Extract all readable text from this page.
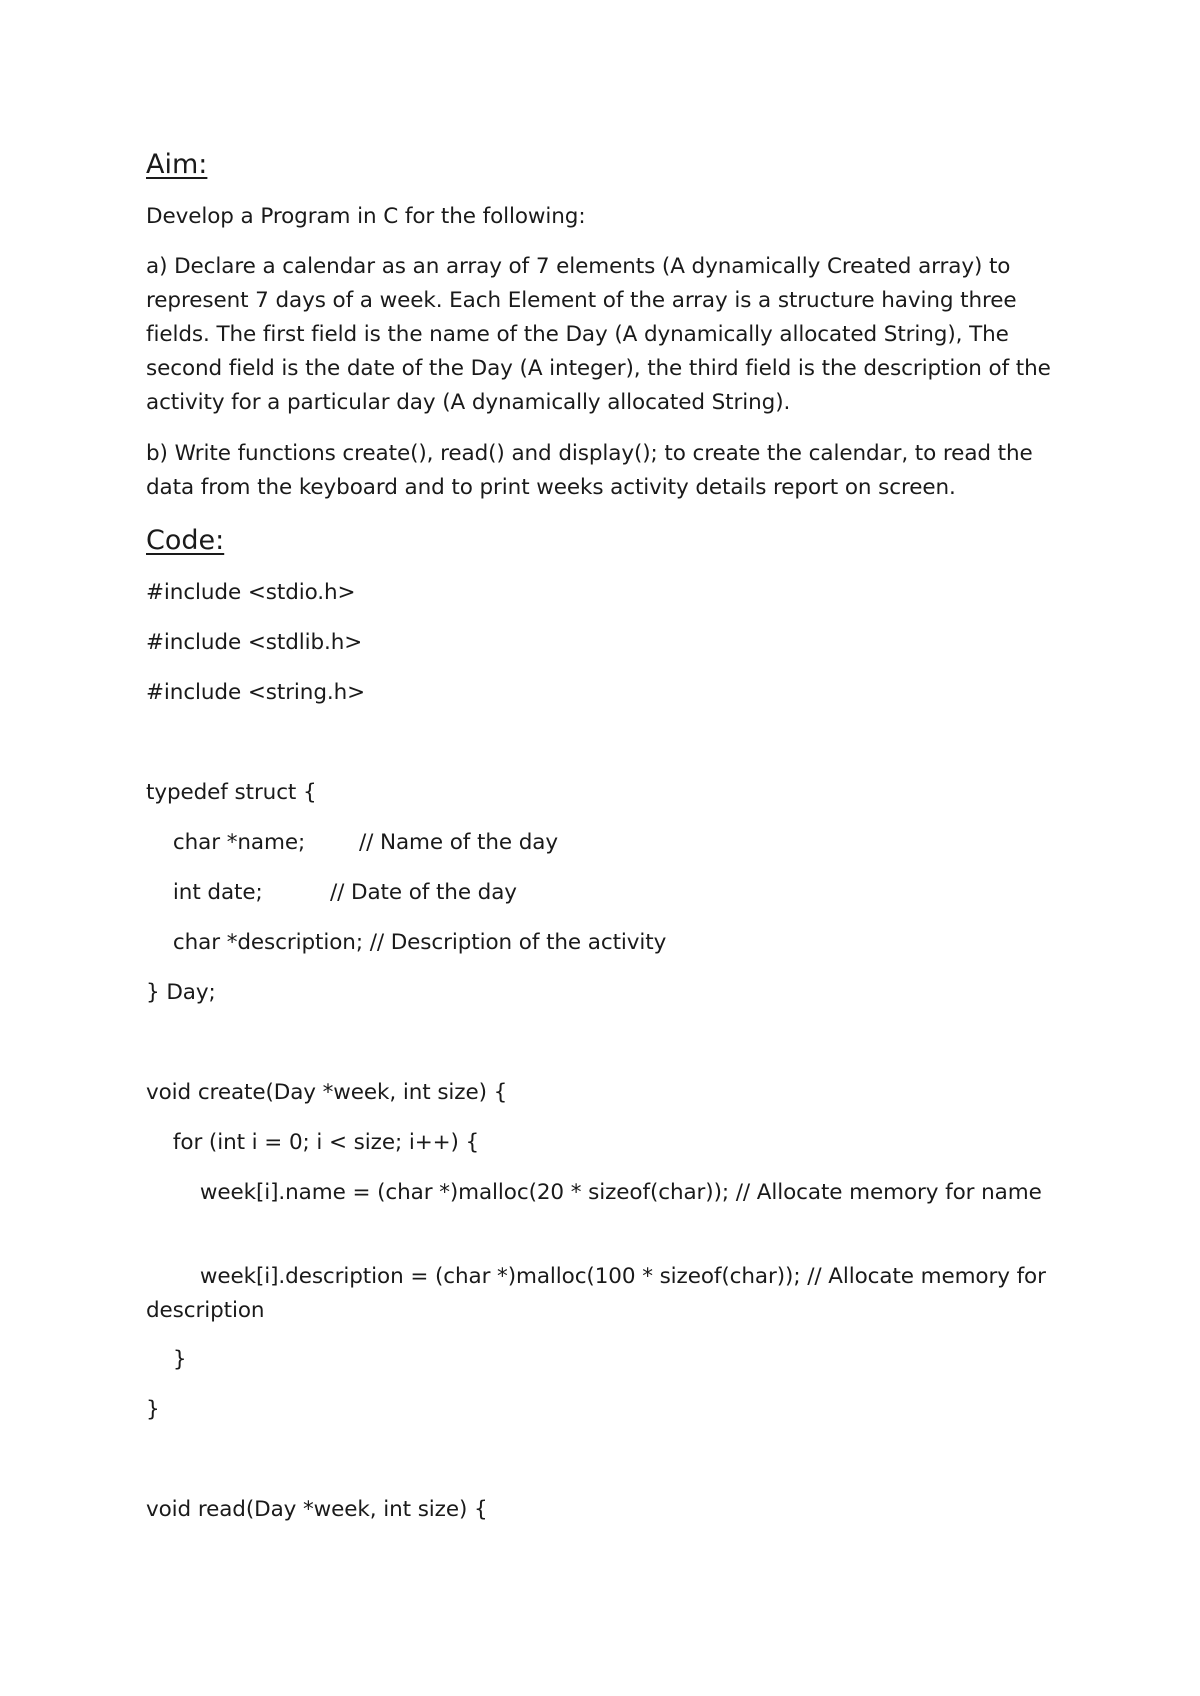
Aim:

Develop a Program in C for the following:

a) Declare a calendar as an array of 7 elements (A dynamically Created array) to represent 7 days of a week. Each Element of the array is a structure having three fields. The first field is the name of the Day (A dynamically allocated String), The second field is the date of the Day (A integer), the third field is the description of the activity for a particular day (A dynamically allocated String).

b) Write functions create(), read() and display(); to create the calendar, to read the data from the keyboard and to print weeks activity details report on screen.

Code:

#include <stdio.h>

#include <stdlib.h>

#include <string.h>

typedef struct {

char *name;        // Name of the day

int date;          // Date of the day

char *description; // Description of the activity

} Day;

void create(Day *week, int size) {

for (int i = 0; i < size; i++) {

week[i].name = (char *)malloc(20 * sizeof(char)); // Allocate memory for name

week[i].description = (char *)malloc(100 * sizeof(char)); // Allocate memory for description

}

}

void read(Day *week, int size) {
